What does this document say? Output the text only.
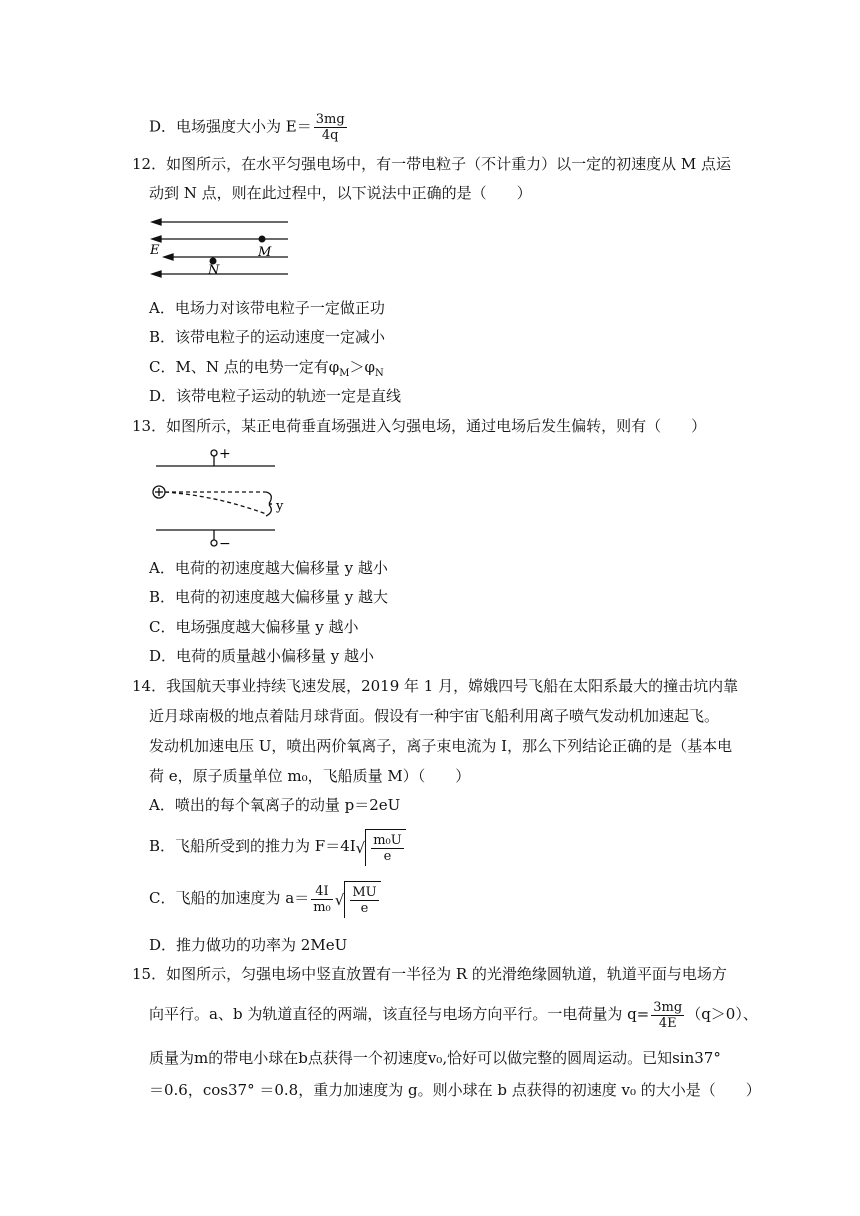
D．电场强度大小为 $E= \frac{3mg}{4q}$
12．如图所示，在水平匀强电场中，有一带电粒子（不计重力）以一定的初速度从 M 点运
动到 N 点，则在此过程中，以下说法中正确的是（　　）
E	M
N
A．电场力对该带电粒子一定做正功
B．该带电粒子的运动速度一定减小
C．M、N 点的电势一定有$\varphi_M>\varphi_N$
D．该带电粒子运动的轨迹一定是直线
13．如图所示，某正电荷垂直场强进入匀强电场，通过电场后发生偏转，则有（　　）
+
−
y
A．电荷的初速度越大偏移量 y 越小
B．电荷的初速度越大偏移量 y 越大
C．电场强度越大偏移量 y 越小
D．电荷的质量越小偏移量 y 越小
14．我国航天事业持续飞速发展，2019 年 1 月，嫦娥四号飞船在太阳系最大的撞击坑内靠
近月球南极的地点着陆月球背面。假设有一种宇宙飞船利用离子喷气发动机加速起飞。
发动机加速电压 U，喷出两价氧离子，离子束电流为 I，那么下列结论正确的是（基本电
荷 e，原子质量单位 m₀，飞船质量 M）（　　）
A．喷出的每个氧离子的动量 p＝2eU
B．飞船所受到的推力为 $F=4I√ \frac{\text{m₀U}}{e}$
C．飞船的加速度为 $a= \frac{4I}{\text{m₀}}$ √ $\frac{MU}{e}$
D．推力做功的功率为 2MeU
15．如图所示，匀强电场中竖直放置有一半径为 R 的光滑绝缘圆轨道，轨道平面与电场方
向平行。a、b 为轨道直径的两端，该直径与电场方向平行。一电荷量为 $q= \frac{3mg}{4E} (q>0)$、
质量为m的带电小球在b点获得一个初速度v₀,恰好可以做完整的圆周运动。已知sin37°
＝0.6，cos37° ＝0.8，重力加速度为 g。则小球在 b 点获得的初速度 v₀ 的大小是（　　）
